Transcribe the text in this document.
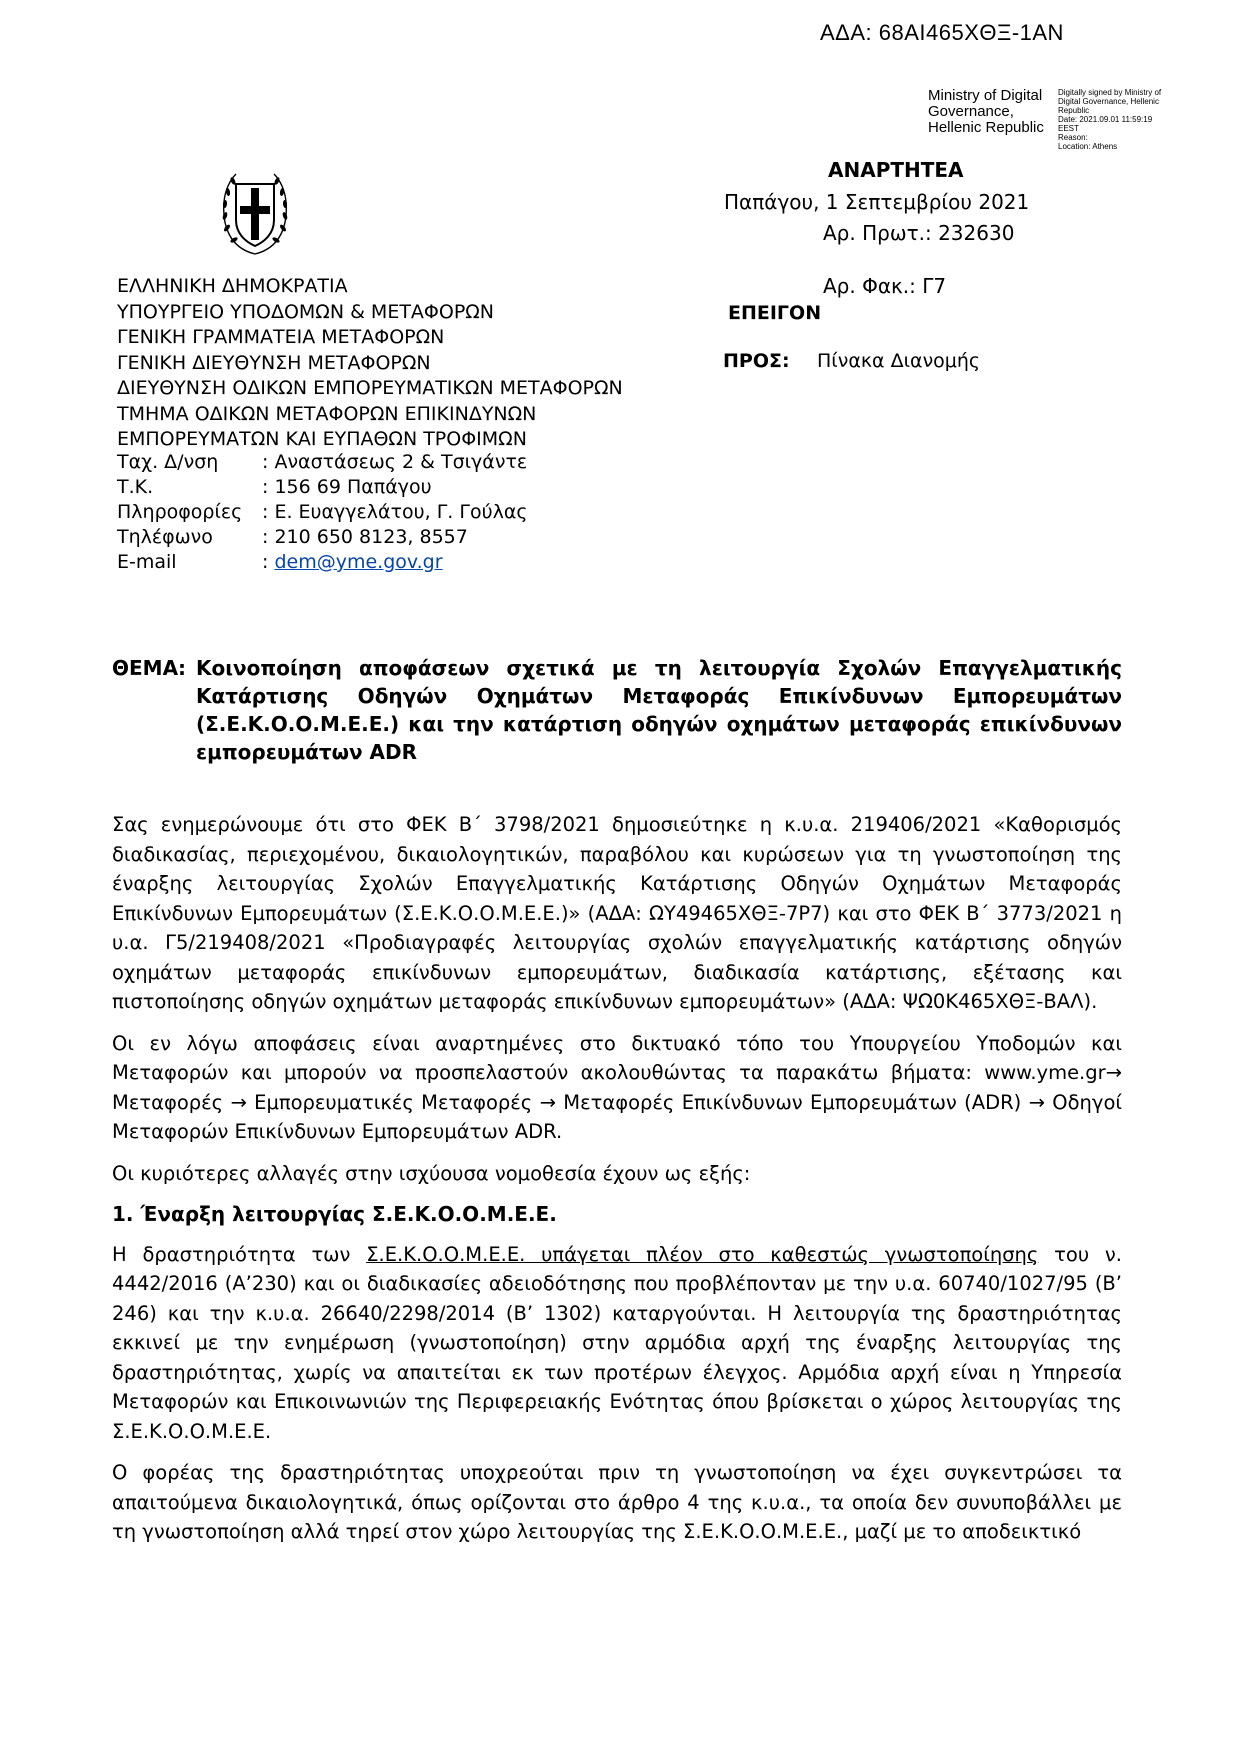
ΑΔΑ: 68ΑΙ465ΧΘΞ-1ΑΝ
Ministry of Digital
Governance,
Hellenic Republic
Digitally signed by Ministry of
Digital Governance, Hellenic
Republic
Date: 2021.09.01 11:59:19
EEST
Reason:
Location: Athens
ΑΝΑΡΤΗΤΕΑ
Παπάγου, 1 Σεπτεμβρίου 2021
Αρ. Πρωτ.: 232630
Αρ. Φακ.: Γ7
ΕΠΕΙΓΟΝ
ΠΡΟΣ: Πίνακα Διανομής
ΕΛΛΗΝΙΚΗ ΔΗΜΟΚΡΑΤΙΑ
ΥΠΟΥΡΓΕΙΟ ΥΠΟΔΟΜΩΝ & ΜΕΤΑΦΟΡΩΝ
ΓΕΝΙΚΗ ΓΡΑΜΜΑΤΕΙΑ ΜΕΤΑΦΟΡΩΝ
ΓΕΝΙΚΗ ΔΙΕΥΘΥΝΣΗ ΜΕΤΑΦΟΡΩΝ
ΔΙΕΥΘΥΝΣΗ ΟΔΙΚΩΝ ΕΜΠΟΡΕΥΜΑΤΙΚΩΝ ΜΕΤΑΦΟΡΩΝ
ΤΜΗΜΑ ΟΔΙΚΩΝ ΜΕΤΑΦΟΡΩΝ ΕΠΙΚΙΝΔΥΝΩΝ
ΕΜΠΟΡΕΥΜΑΤΩΝ ΚΑΙ ΕΥΠΑΘΩΝ ΤΡΟΦΙΜΩΝ
Ταχ. Δ/νση	: Αναστάσεως 2 & Τσιγάντε
Τ.Κ.	: 156 69 Παπάγου
Πληροφορίες	: Ε. Ευαγγελάτου, Γ. Γούλας
Τηλέφωνο	: 210 650 8123, 8557
E-mail	: dem@yme.gov.gr
ΘΕΜΑ: Κοινοποίηση αποφάσεων σχετικά με τη λειτουργία Σχολών Επαγγελματικής Κατάρτισης Οδηγών Οχημάτων Μεταφοράς Επικίνδυνων Εμπορευμάτων (Σ.Ε.Κ.Ο.Ο.Μ.Ε.Ε.) και την κατάρτιση οδηγών οχημάτων μεταφοράς επικίνδυνων εμπορευμάτων ADR

Σας ενημερώνουμε ότι στο ΦΕΚ Β΄ 3798/2021 δημοσιεύτηκε η κ.υ.α. 219406/2021 «Καθορισμός διαδικασίας, περιεχομένου, δικαιολογητικών, παραβόλου και κυρώσεων για τη γνωστοποίηση της έναρξης λειτουργίας Σχολών Επαγγελματικής Κατάρτισης Οδηγών Οχημάτων Μεταφοράς Επικίνδυνων Εμπορευμάτων (Σ.Ε.Κ.Ο.Ο.Μ.Ε.Ε.)» (ΑΔΑ: ΩΥ49465ΧΘΞ-7Ρ7) και στο ΦΕΚ Β΄ 3773/2021 η υ.α. Γ5/219408/2021 «Προδιαγραφές λειτουργίας σχολών επαγγελματικής κατάρτισης οδηγών οχημάτων μεταφοράς επικίνδυνων εμπορευμάτων, διαδικασία κατάρτισης, εξέτασης και πιστοποίησης οδηγών οχημάτων μεταφοράς επικίνδυνων εμπορευμάτων» (ΑΔΑ: ΨΩ0Κ465ΧΘΞ-ΒΑΛ).

Οι εν λόγω αποφάσεις είναι αναρτημένες στο δικτυακό τόπο του Υπουργείου Υποδομών και Μεταφορών και μπορούν να προσπελαστούν ακολουθώντας τα παρακάτω βήματα: www.yme.gr→ Μεταφορές → Εμπορευματικές Μεταφορές → Μεταφορές Επικίνδυνων Εμπορευμάτων (ADR) → Οδηγοί Μεταφορών Επικίνδυνων Εμπορευμάτων ADR.

Οι κυριότερες αλλαγές στην ισχύουσα νομοθεσία έχουν ως εξής:

1. Έναρξη λειτουργίας Σ.Ε.Κ.Ο.Ο.Μ.Ε.Ε.

Η δραστηριότητα των Σ.Ε.Κ.Ο.Ο.Μ.Ε.Ε. υπάγεται πλέον στο καθεστώς γνωστοποίησης του ν. 4442/2016 (Α’230) και οι διαδικασίες αδειοδότησης που προβλέπονταν με την υ.α. 60740/1027/95 (Β’ 246) και την κ.υ.α. 26640/2298/2014 (Β’ 1302) καταργούνται. Η λειτουργία της δραστηριότητας εκκινεί με την ενημέρωση (γνωστοποίηση) στην αρμόδια αρχή της έναρξης λειτουργίας της δραστηριότητας, χωρίς να απαιτείται εκ των προτέρων έλεγχος. Αρμόδια αρχή είναι η Υπηρεσία Μεταφορών και Επικοινωνιών της Περιφερειακής Ενότητας όπου βρίσκεται ο χώρος λειτουργίας της Σ.Ε.Κ.Ο.Ο.Μ.Ε.Ε.

Ο φορέας της δραστηριότητας υποχρεούται πριν τη γνωστοποίηση να έχει συγκεντρώσει τα απαιτούμενα δικαιολογητικά, όπως ορίζονται στο άρθρο 4 της κ.υ.α., τα οποία δεν συνυποβάλλει με τη γνωστοποίηση αλλά τηρεί στον χώρο λειτουργίας της Σ.Ε.Κ.Ο.Ο.Μ.Ε.Ε., μαζί με το αποδεικτικό
